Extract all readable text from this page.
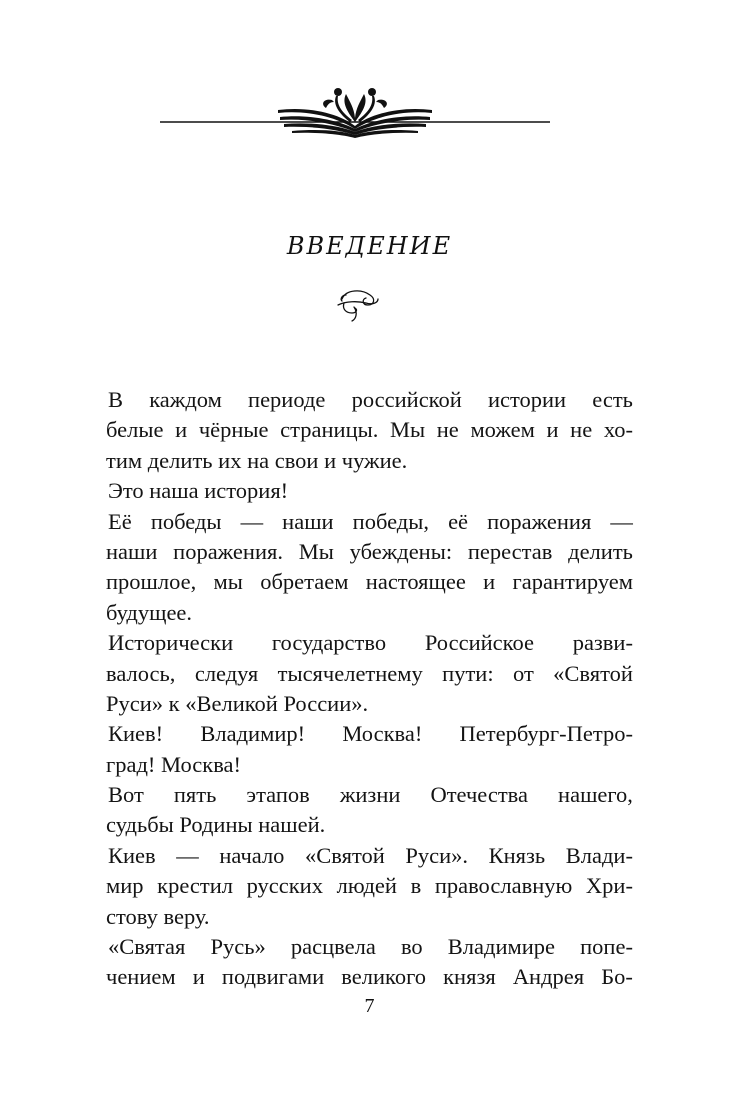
ВВЕДЕНИЕ
В каждом периоде российской истории есть
белые и чёрные страницы. Мы не можем и не хо-
тим делить их на свои и чужие.
Это наша история!
Её победы — наши победы, её поражения —
наши поражения. Мы убеждены: перестав делить
прошлое, мы обретаем настоящее и гарантируем
будущее.
Исторически государство Российское разви-
валось, следуя тысячелетнему пути: от «Святой
Руси» к «Великой России».
Киев! Владимир! Москва! Петербург-Петро-
град! Москва!
Вот пять этапов жизни Отечества нашего,
судьбы Родины нашей.
Киев — начало «Святой Руси». Князь Влади-
мир крестил русских людей в православную Хри-
стову веру.
«Святая Русь» расцвела во Владимире попе-
чением и подвигами великого князя Андрея Бо-
7
